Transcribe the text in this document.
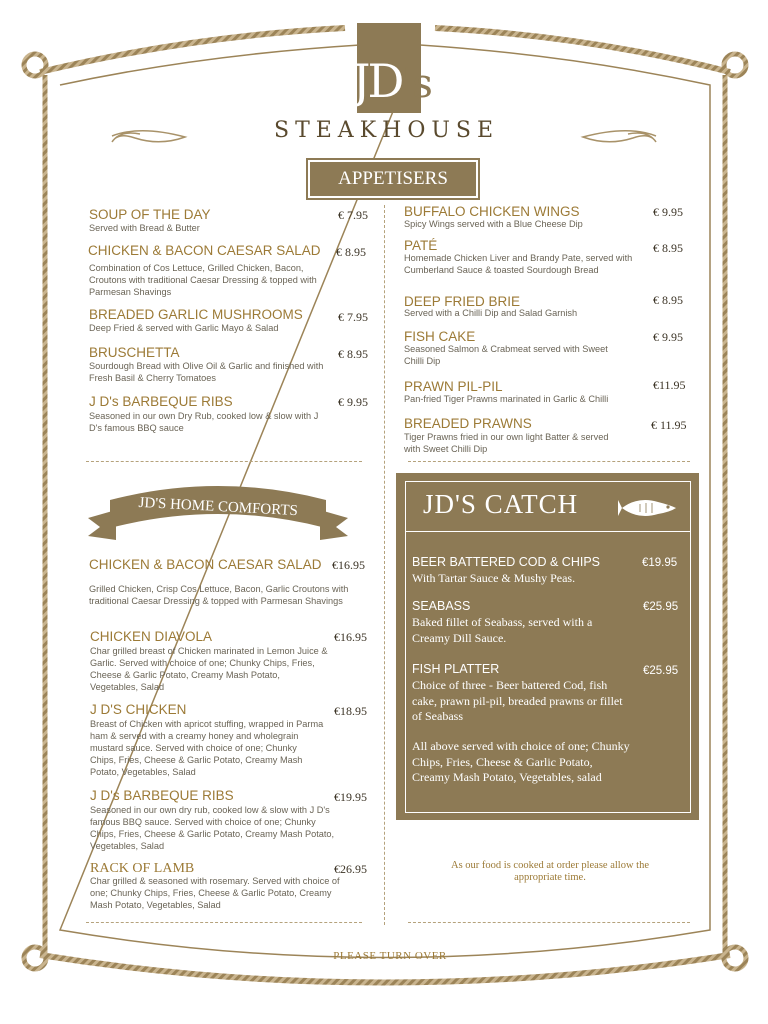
JD's
STEAKHOUSE
APPETISERS
SOUP OF THE DAY	€ 7.95
Served with Bread & Butter
CHICKEN & BACON CAESAR SALAD € 8.95
Combination of Cos Lettuce, Grilled Chicken, Bacon, Croutons with traditional Caesar Dressing & topped with Parmesan Shavings
BREADED GARLIC MUSHROOMS	€ 7.95
Deep Fried & served with Garlic Mayo & Salad
BRUSCHETTA	€ 8.95
Sourdough Bread with Olive Oil & Garlic and finished with Fresh Basil & Cherry Tomatoes
J D's BARBEQUE RIBS	€ 9.95
Seasoned in our own Dry Rub, cooked low & slow with J D's famous BBQ sauce
BUFFALO CHICKEN WINGS	€ 9.95
Spicy Wings served with a Blue Cheese Dip
PATÉ	€ 8.95
Homemade Chicken Liver and Brandy Pate, served with Cumberland Sauce & toasted Sourdough Bread
DEEP FRIED BRIE	€ 8.95
Served with a Chilli Dip and Salad Garnish
FISH CAKE	€ 9.95
Seasoned Salmon & Crabmeat served with Sweet Chilli Dip
PRAWN PIL-PIL	€11.95
Pan-fried Tiger Prawns marinated in Garlic & Chilli
BREADED PRAWNS	€ 11.95
Tiger Prawns fried in our own light Batter & served with Sweet Chilli Dip
JD'S HOME COMFORTS
CHICKEN & BACON CAESAR SALAD €16.95
Grilled Chicken, Crisp Cos Lettuce, Bacon, Garlic Croutons with traditional Caesar Dressing & topped with Parmesan Shavings
CHICKEN DIAVOLA	€16.95
Char grilled breast of Chicken marinated in Lemon Juice & Garlic. Served with choice of one; Chunky Chips, Fries, Cheese & Garlic Potato, Creamy Mash Potato, Vegetables, Salad
J D'S CHICKEN	€18.95
Breast of Chicken with apricot stuffing, wrapped in Parma ham & served with a creamy honey and wholegrain mustard sauce. Served with choice of one; Chunky Chips, Fries, Cheese & Garlic Potato, Creamy Mash Potato, Vegetables, Salad
J D's BARBEQUE RIBS	€19.95
Seasoned in our own dry rub, cooked low & slow with J D's famous BBQ sauce. Served with choice of one; Chunky Chips, Fries, Cheese & Garlic Potato, Creamy Mash Potato, Vegetables, Salad
RACK OF LAMB	€26.95
Char grilled & seasoned with rosemary. Served with choice of one; Chunky Chips, Fries, Cheese & Garlic Potato, Creamy Mash Potato, Vegetables, Salad
JD'S CATCH
BEER BATTERED COD & CHIPS	€19.95
With Tartar Sauce & Mushy Peas.
SEABASS	€25.95
Baked fillet of Seabass, served with a Creamy Dill Sauce.
FISH PLATTER	€25.95
Choice of three - Beer battered Cod, fish cake, prawn pil-pil, breaded prawns or fillet of Seabass
All above served with choice of one; Chunky Chips, Fries, Cheese & Garlic Potato, Creamy Mash Potato, Vegetables, salad
As our food is cooked at order please allow the appropriate time.
PLEASE TURN OVER
